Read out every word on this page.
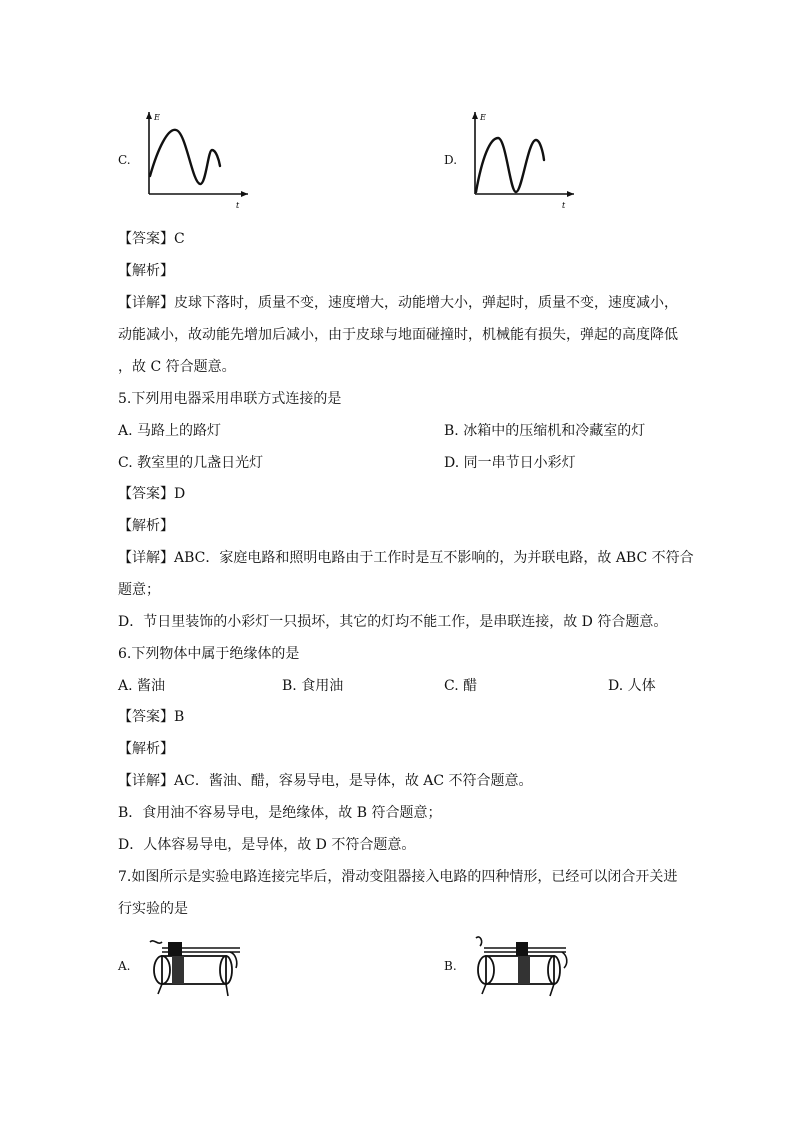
C.
E
t
D.
E
t
【答案】C
【解析】
【详解】皮球下落时，质量不变，速度增大，动能增大小，弹起时，质量不变，速度减小，
动能减小，故动能先增加后减小，由于皮球与地面碰撞时，机械能有损失，弹起的高度降低
，故 C 符合题意。
5.下列用电器采用串联方式连接的是
A. 马路上的路灯	B. 冰箱中的压缩机和冷藏室的灯
C. 教室里的几盏日光灯	D. 同一串节日小彩灯
【答案】D
【解析】
【详解】ABC．家庭电路和照明电路由于工作时是互不影响的，为并联电路，故 ABC 不符合
题意；
D．节日里装饰的小彩灯一只损坏，其它的灯均不能工作，是串联连接，故 D 符合题意。
6.下列物体中属于绝缘体的是
A. 酱油	B. 食用油	C. 醋	D. 人体
【答案】B
【解析】
【详解】AC．酱油、醋，容易导电，是导体，故 AC 不符合题意。
B．食用油不容易导电，是绝缘体，故 B 符合题意；
D．人体容易导电，是导体，故 D 不符合题意。
7.如图所示是实验电路连接完毕后，滑动变阻器接入电路的四种情形，已经可以闭合开关进
行实验的是
A.	B.
